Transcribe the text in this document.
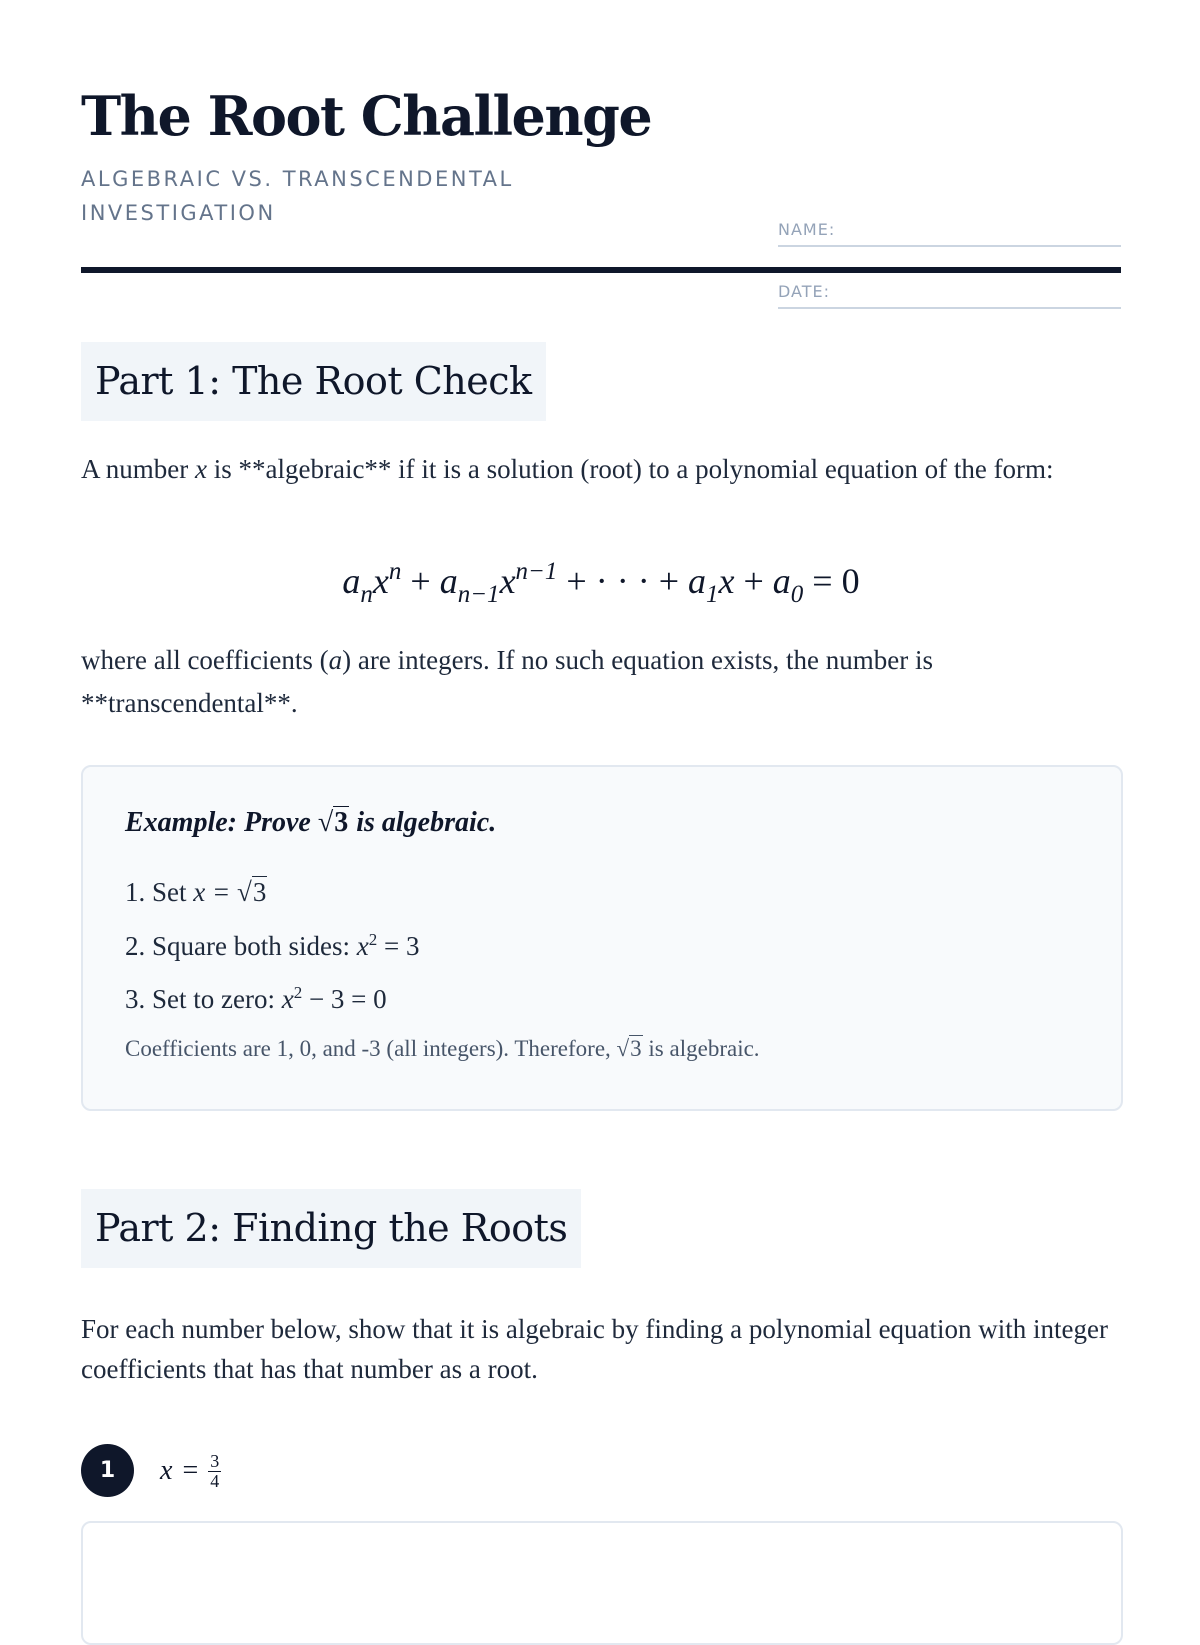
The Root Challenge
ALGEBRAIC VS. TRANSCENDENTAL INVESTIGATION
NAME:
DATE:
Part 1: The Root Check
A number x is **algebraic** if it is a solution (root) to a polynomial equation of the form:
$a_nx^n + a_{n-1}x^{n-1}$ + · · · + $a_1x + a_0 = 0$
where all coefficients (a) are integers. If no such equation exists, the number is **transcendental**.
Example: Prove √3 is algebraic.
1. Set x = √3
2. Square both sides: $x^2 = 3$
3. Set to zero: $x^2 - 3 = 0$
Coefficients are 1, 0, and -3 (all integers). Therefore, √3 is algebraic.
Part 2: Finding the Roots
For each number below, show that it is algebraic by finding a polynomial equation with integer coefficients that has that number as a root.
1	$x = \frac{3}{4}$
